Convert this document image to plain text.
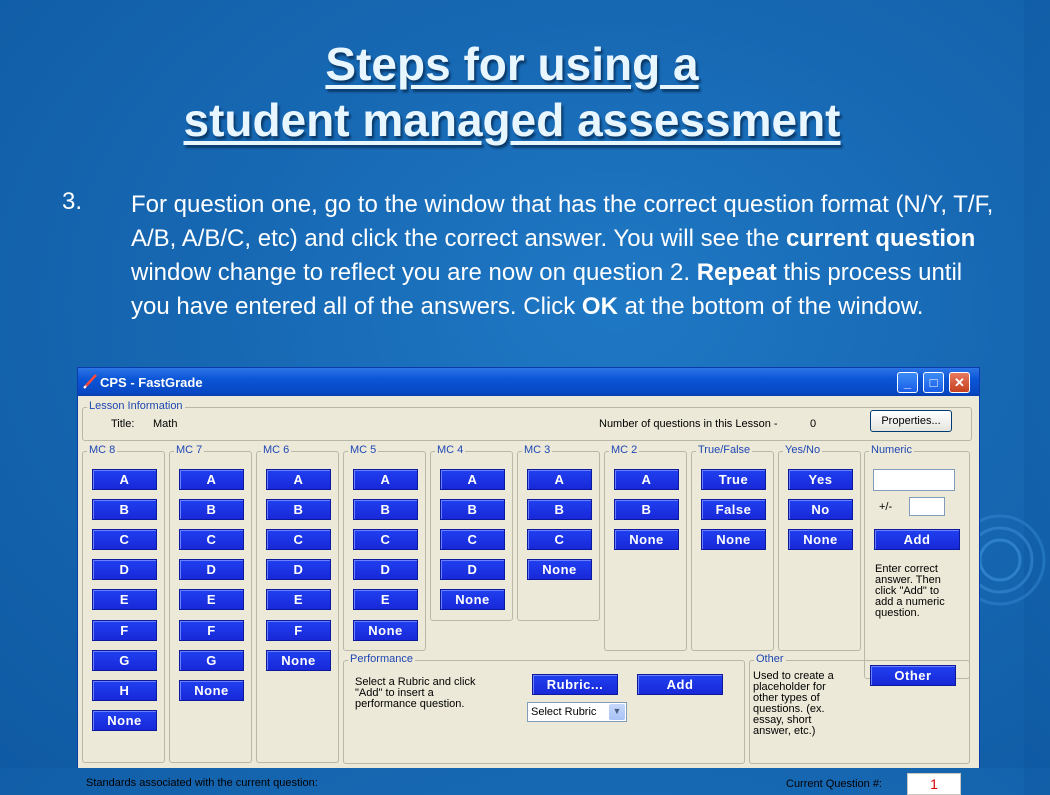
Steps for using a
student managed assessment
3. For question one, go to the window that has the correct question format (N/Y, T/F, A/B, A/B/C, etc) and click the correct answer. You will see the current question window change to reflect you are now on question 2. Repeat this process until you have entered all of the answers. Click OK at the bottom of the window.
CPS - FastGrade	_	□	✕
Lesson Information
Title: Math	Number of questions in this Lesson -	0	Properties...
MC 8
A
B
C
D
E
F
G
H
None
MC 7
A
B
C
D
E
F
G
None
MC 6
A
B
C
D
E
F
None
MC 5
A
B
C
D
E
None
MC 4
A
B
C
D
None
MC 3
A
B
C
None
MC 2
A
B
None
True/False
True
False
None
Yes/No
Yes
No
None
Numeric
+/-
Add
Enter correct
answer. Then
click "Add" to
add a numeric
question.
Performance
Select a Rubric and click
"Add" to insert a
performance question.
Rubric...	Add
Select Rubric	▼
Other
Used to create a
placeholder for
other types of
questions. (ex.
essay, short
answer, etc.)
Other
Standards associated with the current question:	Current Question #:	1
